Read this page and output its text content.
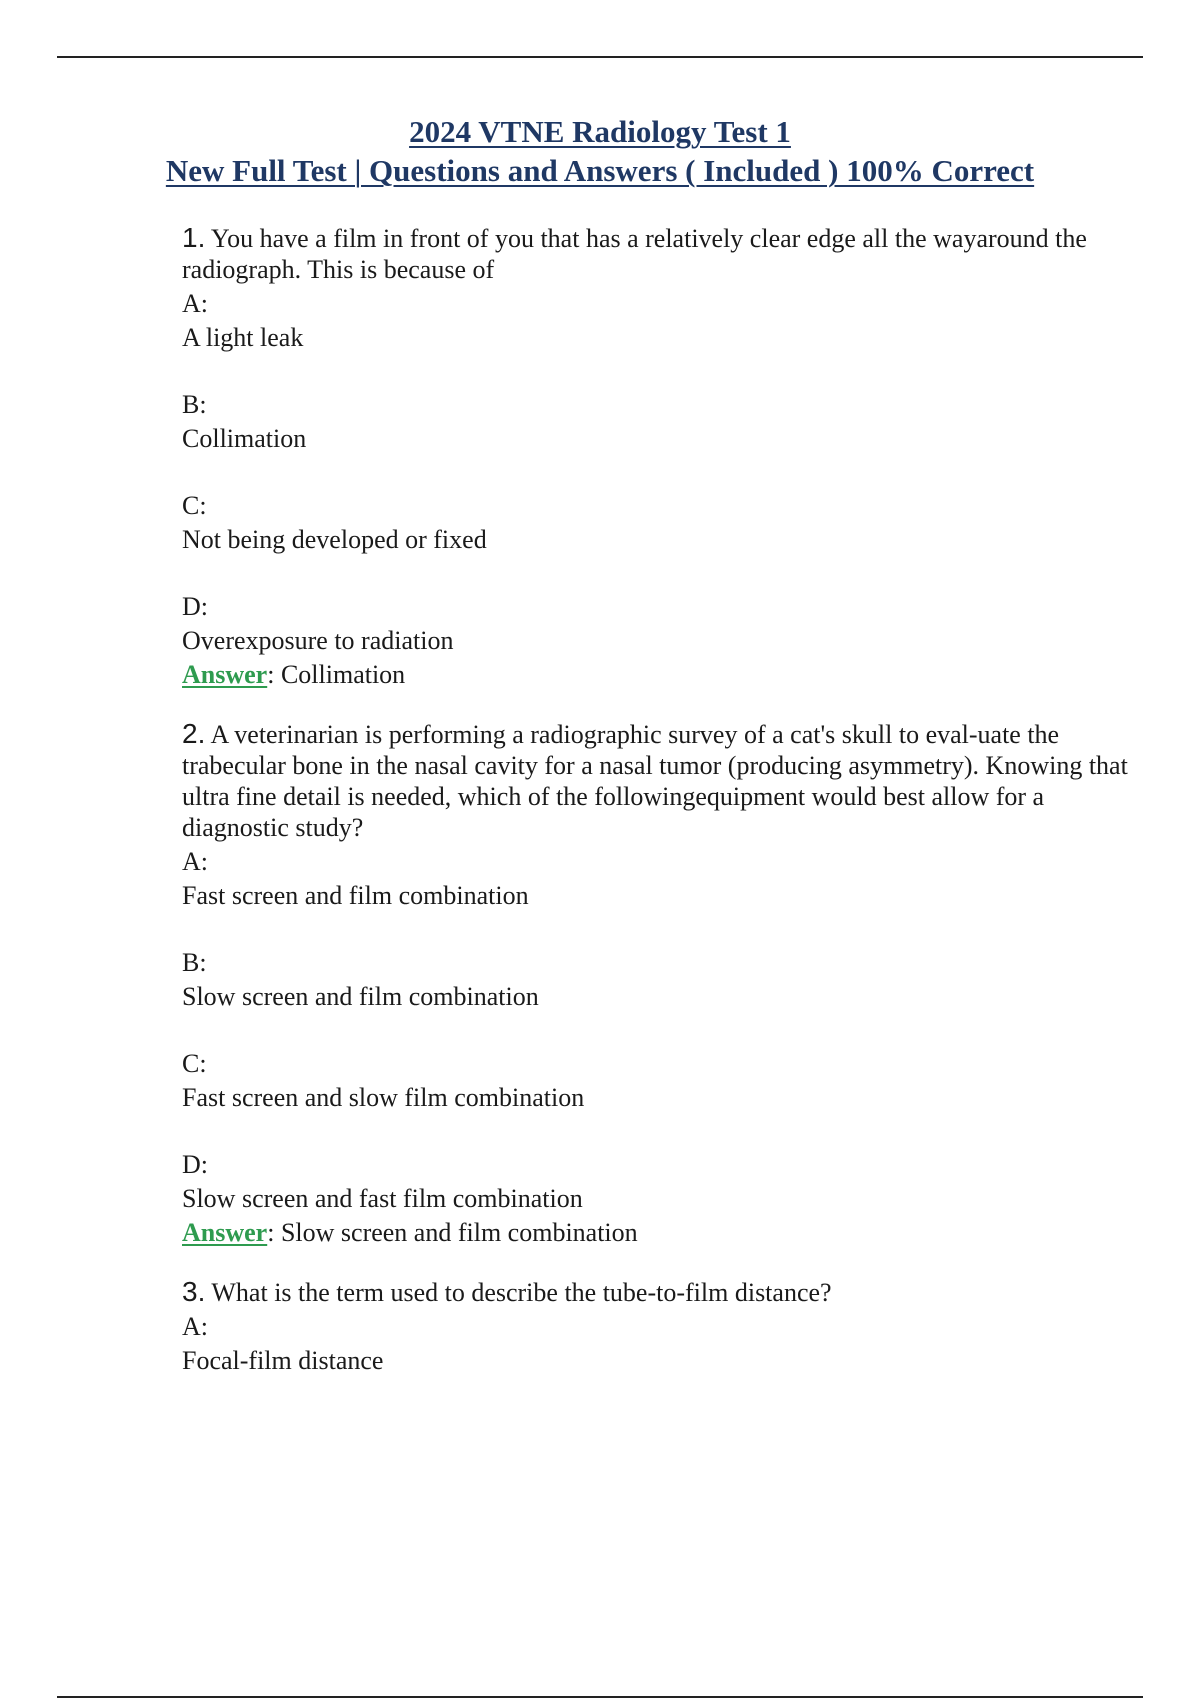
2024 VTNE Radiology Test 1
New Full Test | Questions and Answers ( Included ) 100% Correct

1. You have a film in front of you that has a relatively clear edge all the wayaround the radiograph. This is because of

A:

A light leak

B:

Collimation

C:

Not being developed or fixed

D:

Overexposure to radiation

Answer: Collimation

2. A veterinarian is performing a radiographic survey of a cat's skull to eval-uate the trabecular bone in the nasal cavity for a nasal tumor (producing asymmetry). Knowing that ultra fine detail is needed, which of the followingequipment would best allow for a diagnostic study?

A:

Fast screen and film combination

B:

Slow screen and film combination

C:

Fast screen and slow film combination

D:

Slow screen and fast film combination

Answer: Slow screen and film combination

3. What is the term used to describe the tube-to-film distance?

A:

Focal-film distance
